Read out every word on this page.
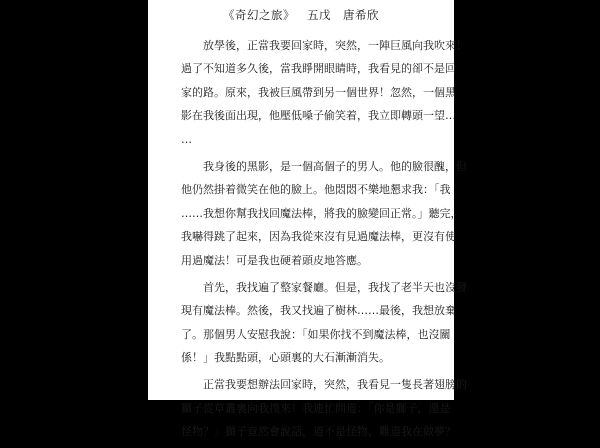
《奇幻之旅》 五戊 唐希欣
放學後，正當我要回家時，突然，一陣巨風向我吹來！
過了不知道多久後，當我睜開眼睛時，我看見的卻不是回
家的路。原來，我被巨風帶到另一個世界！忽然，一個黑
影在我後面出現，他壓低嗓子偷笑着，我立即轉頭一望…
…
我身後的黑影，是一個高個子的男人。他的臉很醜，但
他仍然掛着微笑在他的臉上。他悶悶不樂地懇求我：「我
……我想你幫我找回魔法棒，將我的臉變回正常。」聽完，
我嚇得跳了起來，因為我從來沒有見過魔法棒，更沒有使
用過魔法！可是我也硬着頭皮地答應。
首先，我找遍了整家餐廳。但是，我找了老半天也沒發
現有魔法棒。然後，我又找遍了樹林……最後，我想放棄
了。那個男人安慰我說：「如果你找不到魔法棒，也沒關
係！」我點點頭，心頭裏的大石漸漸消失。
正當我要想辦法回家時，突然，我看見一隻長著翅膀的
獅子從草叢裏向我撲來！我連忙問道：「你是獅子，還是
怪物？」獅子竟然會說話，道不是怪物，難道我在做夢？
